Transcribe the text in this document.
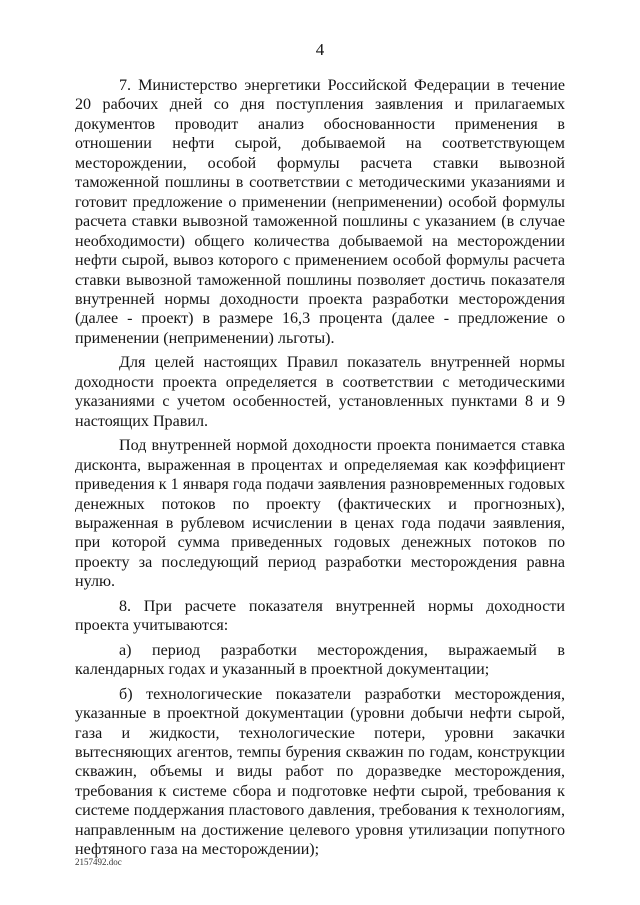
4

7. Министерство энергетики Российской Федерации в течение 20 рабочих дней со дня поступления заявления и прилагаемых документов проводит анализ обоснованности применения в отношении нефти сырой, добываемой на соответствующем месторождении, особой формулы расчета ставки вывозной таможенной пошлины в соответствии с методическими указаниями и готовит предложение о применении (неприменении) особой формулы расчета ставки вывозной таможенной пошлины с указанием (в случае необходимости) общего количества добываемой на месторождении нефти сырой, вывоз которого с применением особой формулы расчета ставки вывозной таможенной пошлины позволяет достичь показателя внутренней нормы доходности проекта разработки месторождения (далее - проект) в размере 16,3 процента (далее - предложение о применении (неприменении) льготы).

Для целей настоящих Правил показатель внутренней нормы доходности проекта определяется в соответствии с методическими указаниями с учетом особенностей, установленных пунктами 8 и 9 настоящих Правил.

Под внутренней нормой доходности проекта понимается ставка дисконта, выраженная в процентах и определяемая как коэффициент приведения к 1 января года подачи заявления разновременных годовых денежных потоков по проекту (фактических и прогнозных), выраженная в рублевом исчислении в ценах года подачи заявления, при которой сумма приведенных годовых денежных потоков по проекту за последующий период разработки месторождения равна нулю.

8. При расчете показателя внутренней нормы доходности проекта учитываются:

а) период разработки месторождения, выражаемый в календарных годах и указанный в проектной документации;

б) технологические показатели разработки месторождения, указанные в проектной документации (уровни добычи нефти сырой, газа и жидкости, технологические потери, уровни закачки вытесняющих агентов, темпы бурения скважин по годам, конструкции скважин, объемы и виды работ по доразведке месторождения, требования к системе сбора и подготовке нефти сырой, требования к системе поддержания пластового давления, требования к технологиям, направленным на достижение целевого уровня утилизации попутного нефтяного газа на месторождении);

2157492.doc
